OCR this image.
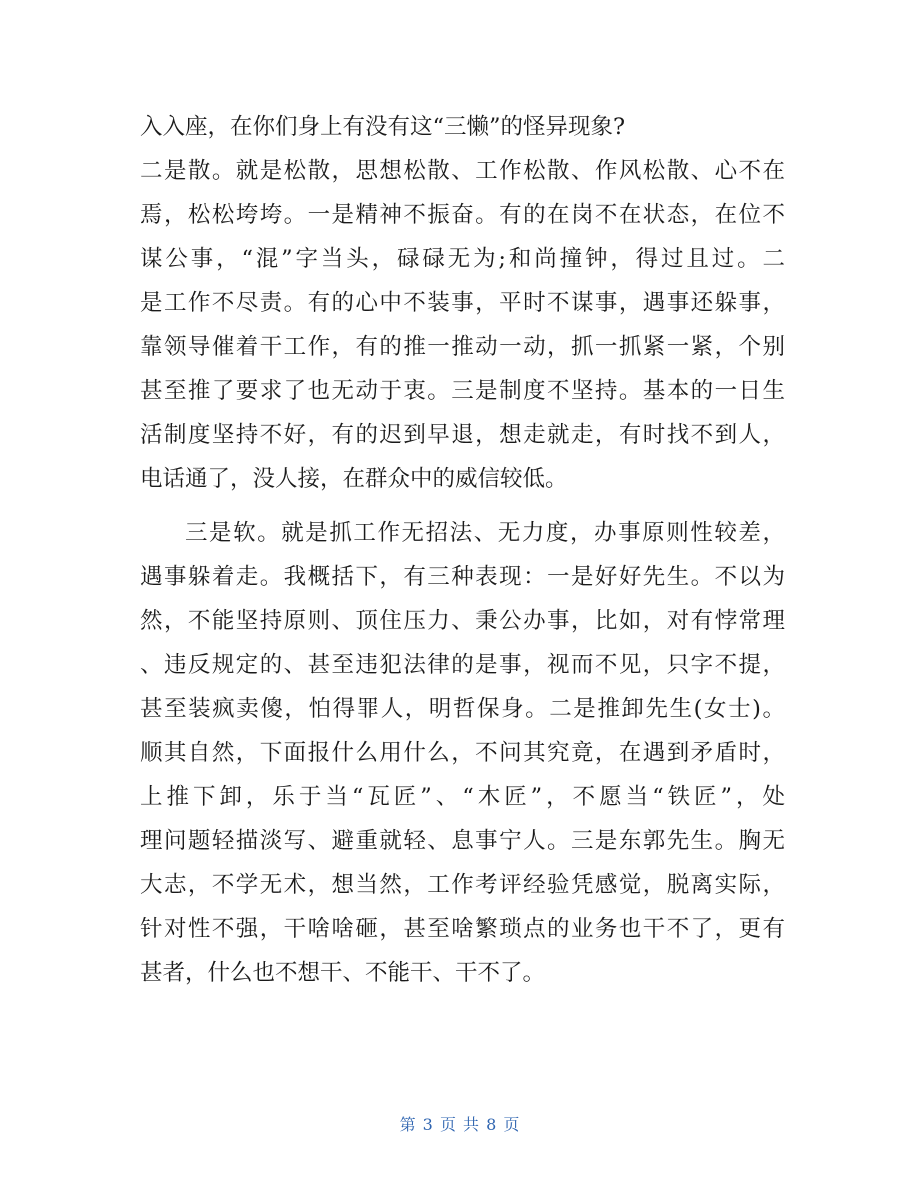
入入座，在你们身上有没有这“三懒”的怪异现象?
二是散。就是松散，思想松散、工作松散、作风松散、心不在
焉，松松垮垮。一是精神不振奋。有的在岗不在状态，在位不
谋公事，“混”字当头，碌碌无为;和尚撞钟，得过且过。二
是工作不尽责。有的心中不装事，平时不谋事，遇事还躲事，
靠领导催着干工作，有的推一推动一动，抓一抓紧一紧，个别
甚至推了要求了也无动于衷。三是制度不坚持。基本的一日生
活制度坚持不好，有的迟到早退，想走就走，有时找不到人，
电话通了，没人接，在群众中的威信较低。
三是软。就是抓工作无招法、无力度，办事原则性较差，
遇事躲着走。我概括下，有三种表现：一是好好先生。不以为
然，不能坚持原则、顶住压力、秉公办事，比如，对有悖常理
、违反规定的、甚至违犯法律的是事，视而不见，只字不提，
甚至装疯卖傻，怕得罪人，明哲保身。二是推卸先生(女士)。
顺其自然，下面报什么用什么，不问其究竟，在遇到矛盾时，
上推下卸，乐于当“瓦匠”、“木匠”，不愿当“铁匠”，处
理问题轻描淡写、避重就轻、息事宁人。三是东郭先生。胸无
大志，不学无术，想当然，工作考评经验凭感觉，脱离实际，
针对性不强，干啥啥砸，甚至啥繁琐点的业务也干不了，更有
甚者，什么也不想干、不能干、干不了。
第 3 页 共 8 页
